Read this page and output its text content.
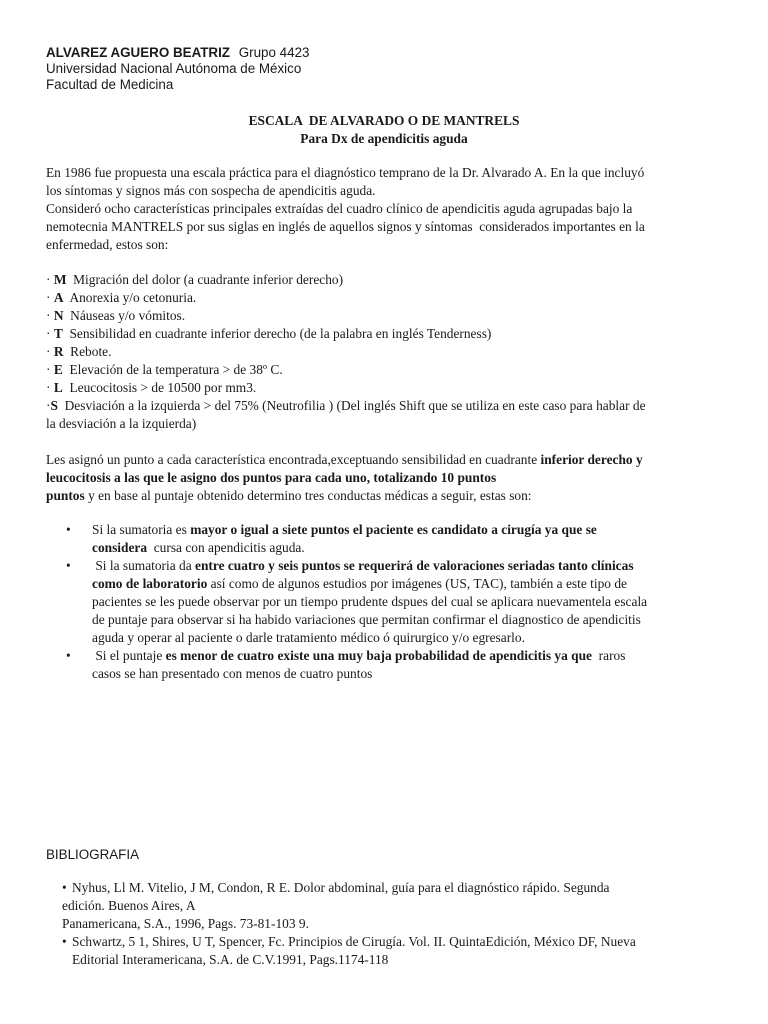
ALVAREZ AGUERO BEATRIZ Grupo 4423
Universidad Nacional Autónoma de México
Facultad de Medicina
ESCALA  DE ALVARADO O DE MANTRELS
Para Dx de apendicitis aguda
En 1986 fue propuesta una escala práctica para el diagnóstico temprano de la Dr. Alvarado A. En la que incluyó
los síntomas y signos más con sospecha de apendicitis aguda.
Consideró ocho características principales extraídas del cuadro clínico de apendicitis aguda agrupadas bajo la
nemotecnia MANTRELS por sus siglas en inglés de aquellos signos y síntomas  considerados importantes en la
enfermedad, estos son:
· M  Migración del dolor (a cuadrante inferior derecho)
· A  Anorexia y/o cetonuria.
· N  Náuseas y/o vómitos.
· T  Sensibilidad en cuadrante inferior derecho (de la palabra en inglés Tenderness)
· R  Rebote.
· E  Elevación de la temperatura > de 38º C.
· L  Leucocitosis > de 10500 por mm3.
·S  Desviación a la izquierda > del 75% (Neutrofilia ) (Del inglés Shift que se utiliza en este caso para hablar de
la desviación a la izquierda)
Les asignó un punto a cada característica encontrada,exceptuando sensibilidad en cuadrante inferior derecho y
leucocitosis a las que le asigno dos puntos para cada uno, totalizando 10 puntos
puntos y en base al puntaje obtenido determino tres conductas médicas a seguir, estas son:
• Si la sumatoria es mayor o igual a siete puntos el paciente es candidato a cirugía ya que se
considera  cursa con apendicitis aguda.
• Si la sumatoria da entre cuatro y seis puntos se requerirá de valoraciones seriadas tanto clínicas
como de laboratorio así como de algunos estudios por imágenes (US, TAC), también a este tipo de
pacientes se les puede observar por un tiempo prudente dspues del cual se aplicara nuevamentela escala
de puntaje para observar si ha habido variaciones que permitan confirmar el diagnostico de apendicitis
aguda y operar al paciente o darle tratamiento médico ó quirurgico y/o egresarlo.
• Si el puntaje es menor de cuatro existe una muy baja probabilidad de apendicitis ya que  raros
casos se han presentado con menos de cuatro puntos
BIBLIOGRAFIA
• Nyhus, Ll M. Vitelio, J M, Condon, R E. Dolor abdominal, guía para el diagnóstico rápido. Segunda
edición. Buenos Aires, A
Panamericana, S.A., 1996, Pags. 73-81-103 9.
• Schwartz, 5 1, Shires, U T, Spencer, Fc. Principios de Cirugía. Vol. II. QuintaEdición, México DF, Nueva
Editorial Interamericana, S.A. de C.V.1991, Pags.1174-118
